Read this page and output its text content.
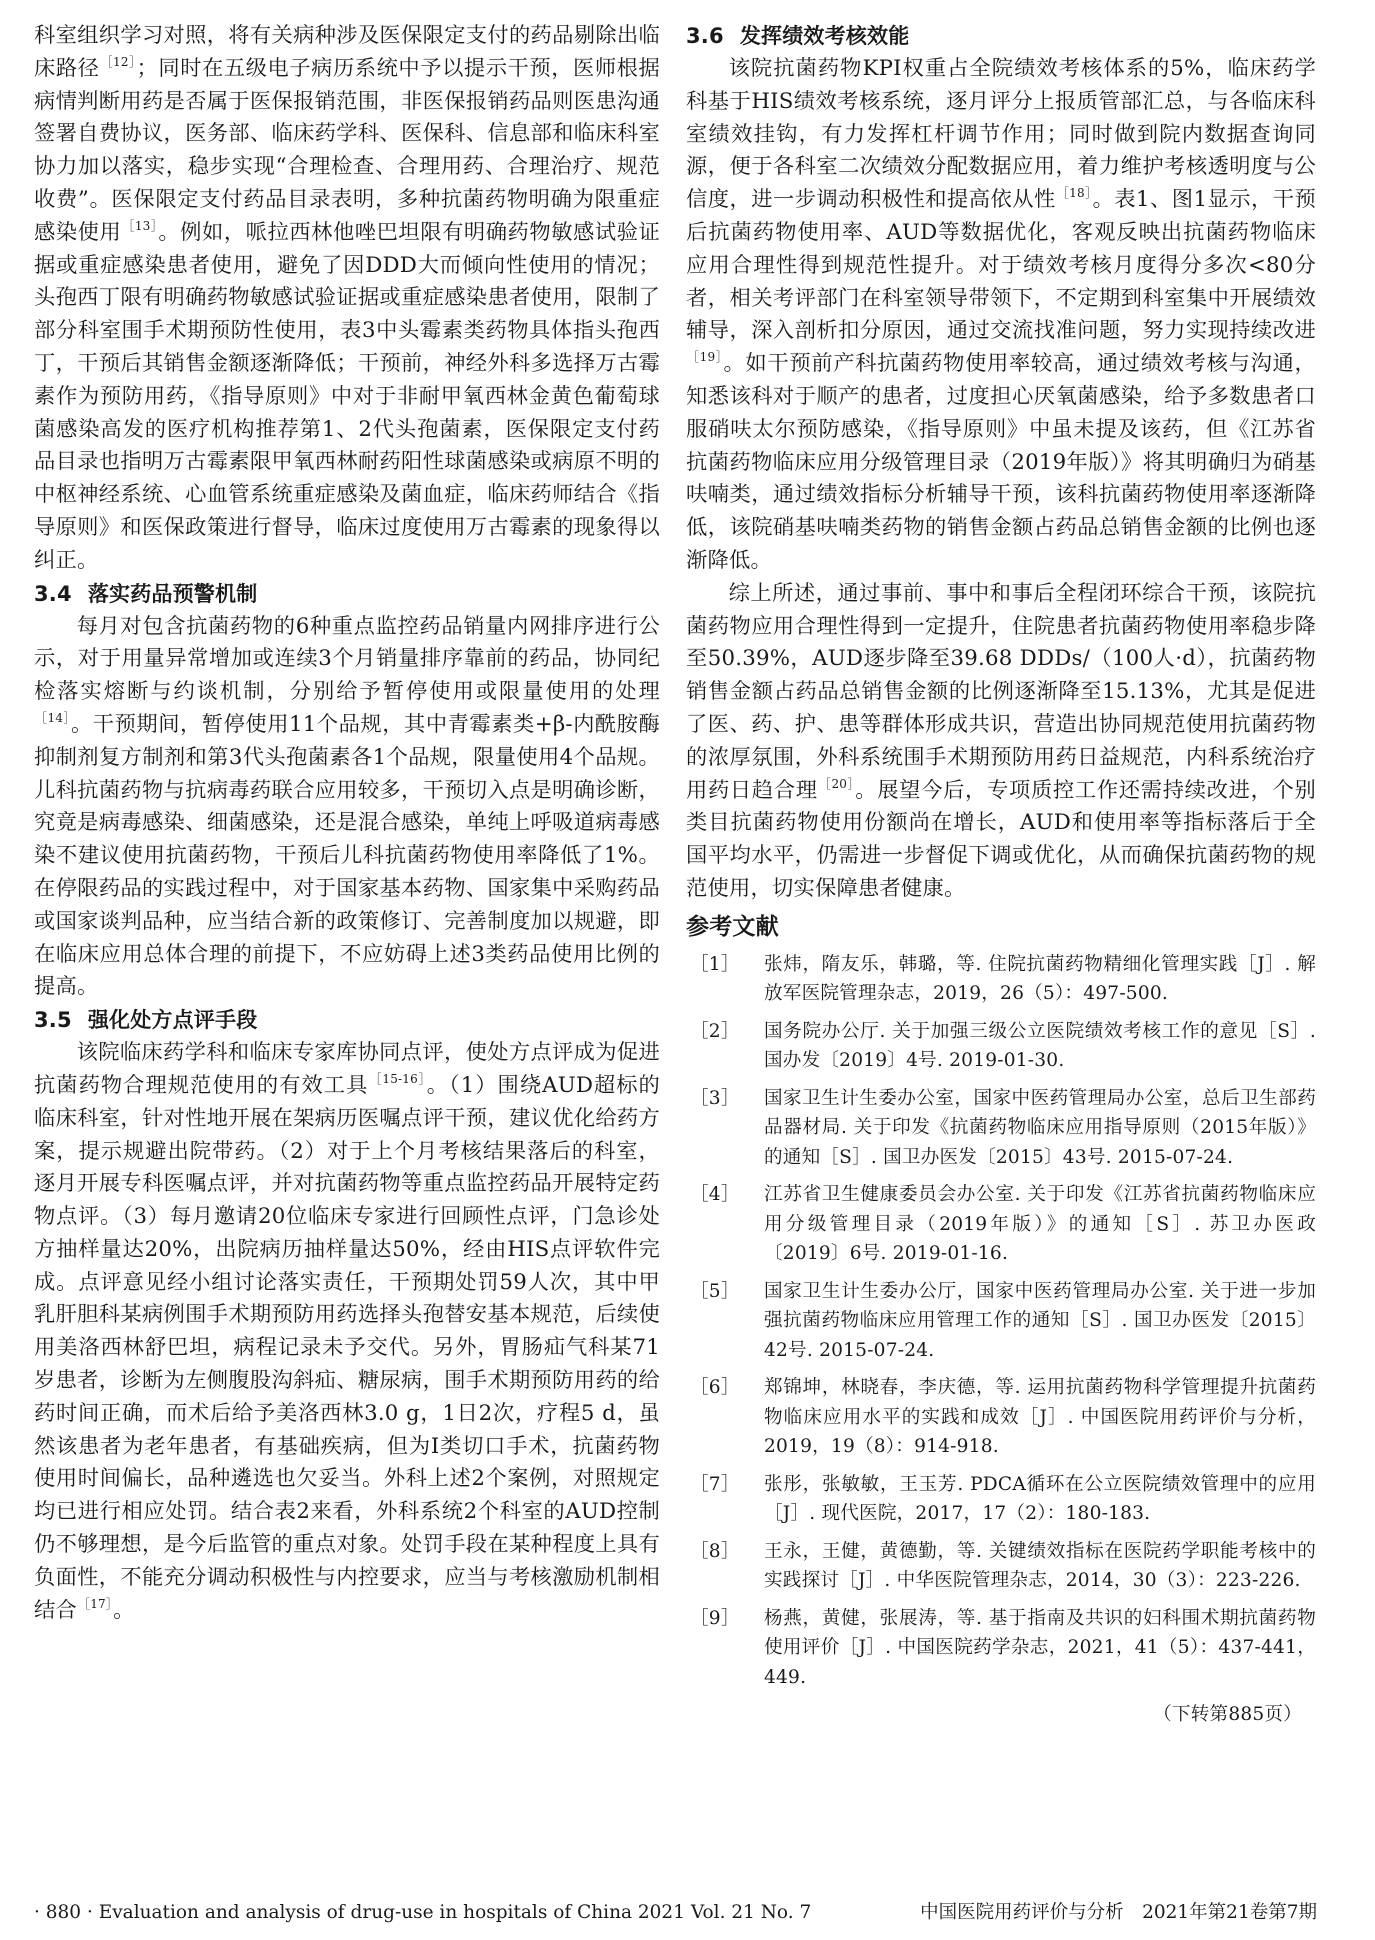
科室组织学习对照，将有关病种涉及医保限定支付的药品剔除出临床路径$^{[12]}$；同时在五级电子病历系统中予以提示干预，医师根据病情判断用药是否属于医保报销范围，非医保报销药品则医患沟通签署自费协议，医务部、临床药学科、医保科、信息部和临床科室协力加以落实，稳步实现“合理检查、合理用药、合理治疗、规范收费”。医保限定支付药品目录表明，多种抗菌药物明确为限重症感染使用$^{[13]}$。例如，哌拉西林他唑巴坦限有明确药物敏感试验证据或重症感染患者使用，避免了因DDD大而倾向性使用的情况；头孢西丁限有明确药物敏感试验证据或重症感染患者使用，限制了部分科室围手术期预防性使用，表3中头霉素类药物具体指头孢西丁，干预后其销售金额逐渐降低；干预前，神经外科多选择万古霉素作为预防用药，《指导原则》中对于非耐甲氧西林金黄色葡萄球菌感染高发的医疗机构推荐第1、2代头孢菌素，医保限定支付药品目录也指明万古霉素限甲氧西林耐药阳性球菌感染或病原不明的中枢神经系统、心血管系统重症感染及菌血症，临床药师结合《指导原则》和医保政策进行督导，临床过度使用万古霉素的现象得以纠正。

3.4 落实药品预警机制

每月对包含抗菌药物的6种重点监控药品销量内网排序进行公示，对于用量异常增加或连续3个月销量排序靠前的药品，协同纪检落实熔断与约谈机制，分别给予暂停使用或限量使用的处理$^{[14]}$。干预期间，暂停使用11个品规，其中青霉素类+β-内酰胺酶抑制剂复方制剂和第3代头孢菌素各1个品规，限量使用4个品规。儿科抗菌药物与抗病毒药联合应用较多，干预切入点是明确诊断，究竟是病毒感染、细菌感染，还是混合感染，单纯上呼吸道病毒感染不建议使用抗菌药物，干预后儿科抗菌药物使用率降低了1%。在停限药品的实践过程中，对于国家基本药物、国家集中采购药品或国家谈判品种，应当结合新的政策修订、完善制度加以规避，即在临床应用总体合理的前提下，不应妨碍上述3类药品使用比例的提高。

3.5 强化处方点评手段

该院临床药学科和临床专家库协同点评，使处方点评成为促进抗菌药物合理规范使用的有效工具$^{[15-16]}$。（1）围绕AUD超标的临床科室，针对性地开展在架病历医嘱点评干预，建议优化给药方案，提示规避出院带药。（2）对于上个月考核结果落后的科室，逐月开展专科医嘱点评，并对抗菌药物等重点监控药品开展特定药物点评。（3）每月邀请20位临床专家进行回顾性点评，门急诊处方抽样量达20%，出院病历抽样量达50%，经由HIS点评软件完成。点评意见经小组讨论落实责任，干预期处罚59人次，其中甲乳肝胆科某病例围手术期预防用药选择头孢替安基本规范，后续使用美洛西林舒巴坦，病程记录未予交代。另外，胃肠疝气科某71岁患者，诊断为左侧腹股沟斜疝、糖尿病，围手术期预防用药的给药时间正确，而术后给予美洛西林3.0 g，1日2次，疗程5 d，虽然该患者为老年患者，有基础疾病，但为Ⅰ类切口手术，抗菌药物使用时间偏长，品种遴选也欠妥当。外科上述2个案例，对照规定均已进行相应处罚。结合表2来看，外科系统2个科室的AUD控制仍不够理想，是今后监管的重点对象。处罚手段在某种程度上具有负面性，不能充分调动积极性与内控要求，应当与考核激励机制相结合$^{[17]}$。

3.6 发挥绩效考核效能

该院抗菌药物KPI权重占全院绩效考核体系的5%，临床药学科基于HIS绩效考核系统，逐月评分上报质管部汇总，与各临床科室绩效挂钩，有力发挥杠杆调节作用；同时做到院内数据查询同源，便于各科室二次绩效分配数据应用，着力维护考核透明度与公信度，进一步调动积极性和提高依从性$^{[18]}$。表1、图1显示，干预后抗菌药物使用率、AUD等数据优化，客观反映出抗菌药物临床应用合理性得到规范性提升。对于绩效考核月度得分多次<80分者，相关考评部门在科室领导带领下，不定期到科室集中开展绩效辅导，深入剖析扣分原因，通过交流找准问题，努力实现持续改进$^{[19]}$。如干预前产科抗菌药物使用率较高，通过绩效考核与沟通，知悉该科对于顺产的患者，过度担心厌氧菌感染，给予多数患者口服硝呋太尔预防感染，《指导原则》中虽未提及该药，但《江苏省抗菌药物临床应用分级管理目录（2019年版）》将其明确归为硝基呋喃类，通过绩效指标分析辅导干预，该科抗菌药物使用率逐渐降低，该院硝基呋喃类药物的销售金额占药品总销售金额的比例也逐渐降低。

综上所述，通过事前、事中和事后全程闭环综合干预，该院抗菌药物应用合理性得到一定提升，住院患者抗菌药物使用率稳步降至50.39%，AUD逐步降至39.68 DDDs/（100人·d），抗菌药物销售金额占药品总销售金额的比例逐渐降至15.13%，尤其是促进了医、药、护、患等群体形成共识，营造出协同规范使用抗菌药物的浓厚氛围，外科系统围手术期预防用药日益规范，内科系统治疗用药日趋合理$^{[20]}$。展望今后，专项质控工作还需持续改进，个别类目抗菌药物使用份额尚在增长，AUD和使用率等指标落后于全国平均水平，仍需进一步督促下调或优化，从而确保抗菌药物的规范使用，切实保障患者健康。

参考文献
［1］ 张炜，隋友乐，韩璐，等. 住院抗菌药物精细化管理实践［J］. 解放军医院管理杂志，2019，26（5）：497-500.
［2］ 国务院办公厅. 关于加强三级公立医院绩效考核工作的意见［S］. 国办发〔2019〕4号. 2019-01-30.
［3］ 国家卫生计生委办公室，国家中医药管理局办公室，总后卫生部药品器材局. 关于印发《抗菌药物临床应用指导原则（2015年版）》的通知［S］. 国卫办医发〔2015〕43号. 2015-07-24.
［4］ 江苏省卫生健康委员会办公室. 关于印发《江苏省抗菌药物临床应用分级管理目录（2019年版）》的通知［S］. 苏卫办医政〔2019〕6号. 2019-01-16.
［5］ 国家卫生计生委办公厅，国家中医药管理局办公室. 关于进一步加强抗菌药物临床应用管理工作的通知［S］. 国卫办医发〔2015〕42号. 2015-07-24.
［6］ 郑锦坤，林晓春，李庆德，等. 运用抗菌药物科学管理提升抗菌药物临床应用水平的实践和成效［J］. 中国医院用药评价与分析，2019，19（8）：914-918.
［7］ 张彤，张敏敏，王玉芳. PDCA循环在公立医院绩效管理中的应用［J］. 现代医院，2017，17（2）：180-183.
［8］ 王永，王健，黄德勤，等. 关键绩效指标在医院药学职能考核中的实践探讨［J］. 中华医院管理杂志，2014，30（3）：223-226.
［9］ 杨燕，黄健，张展涛，等. 基于指南及共识的妇科围术期抗菌药物使用评价［J］. 中国医院药学杂志，2021，41（5）：437-441，449.
（下转第885页）
· 880 · Evaluation and analysis of drug-use in hospitals of China 2021 Vol. 21 No. 7	中国医院用药评价与分析　2021年第21卷第7期
